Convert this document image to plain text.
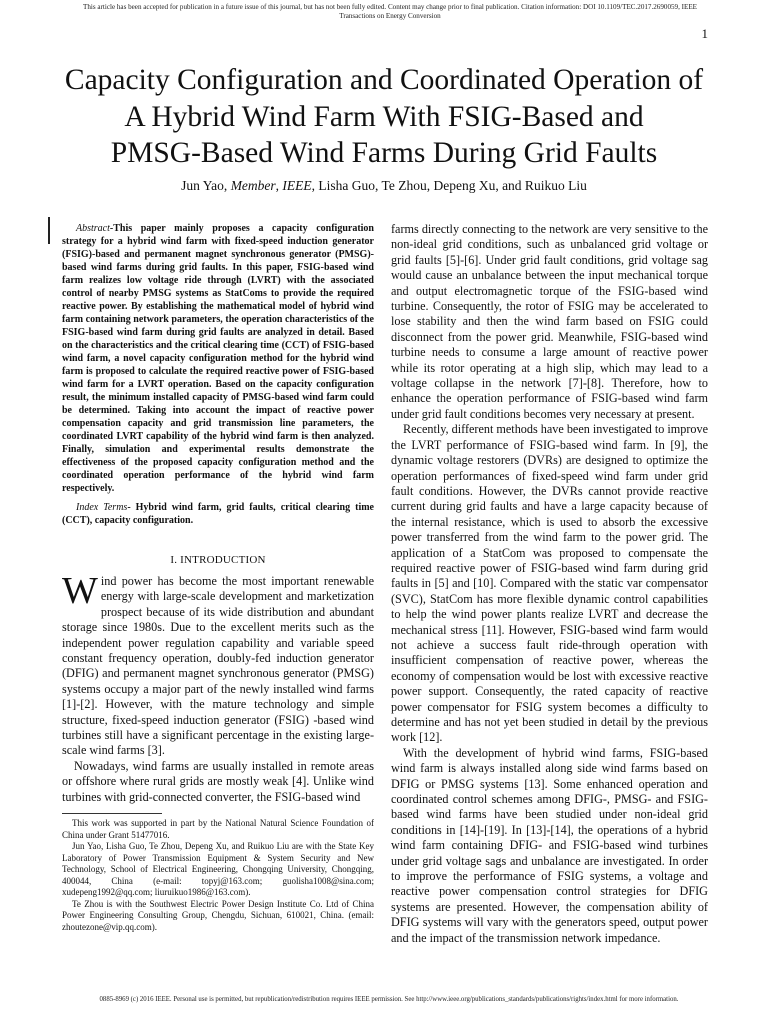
This article has been accepted for publication in a future issue of this journal, but has not been fully edited. Content may change prior to final publication. Citation information: DOI 10.1109/TEC.2017.2690059, IEEE
Transactions on Energy Conversion
1
Capacity Configuration and Coordinated Operation of
A Hybrid Wind Farm With FSIG-Based and
PMSG-Based Wind Farms During Grid Faults
Jun Yao, Member, IEEE, Lisha Guo, Te Zhou, Depeng Xu, and Ruikuo Liu

Abstract-This paper mainly proposes a capacity configuration strategy for a hybrid wind farm with fixed-speed induction generator (FSIG)-based and permanent magnet synchronous generator (PMSG)-based wind farms during grid faults. In this paper, FSIG-based wind farm realizes low voltage ride through (LVRT) with the associated control of nearby PMSG systems as StatComs to provide the required reactive power. By establishing the mathematical model of hybrid wind farm containing network parameters, the operation characteristics of the FSIG-based wind farm during grid faults are analyzed in detail. Based on the characteristics and the critical clearing time (CCT) of FSIG-based wind farm, a novel capacity configuration method for the hybrid wind farm is proposed to calculate the required reactive power of FSIG-based wind farm for a LVRT operation. Based on the capacity configuration result, the minimum installed capacity of PMSG-based wind farm could be determined. Taking into account the impact of reactive power compensation capacity and grid transmission line parameters, the coordinated LVRT capability of the hybrid wind farm is then analyzed. Finally, simulation and experimental results demonstrate the effectiveness of the proposed capacity configuration method and the coordinated operation performance of the hybrid wind farm respectively.

Index Terms- Hybrid wind farm, grid faults, critical clearing time (CCT), capacity configuration.

I. INTRODUCTION

Wind power has become the most important renewable energy with large-scale development and marketization prospect because of its wide distribution and abundant storage since 1980s. Due to the excellent merits such as the independent power regulation capability and variable speed constant frequency operation, doubly-fed induction generator (DFIG) and permanent magnet synchronous generator (PMSG) systems occupy a major part of the newly installed wind farms [1]-[2]. However, with the mature technology and simple structure, fixed-speed induction generator (FSIG) -based wind turbines still have a significant percentage in the existing large-scale wind farms [3].

Nowadays, wind farms are usually installed in remote areas or offshore where rural grids are mostly weak [4]. Unlike wind turbines with grid-connected converter, the FSIG-based wind

This work was supported in part by the National Natural Science Foundation of China under Grant 51477016.

Jun Yao, Lisha Guo, Te Zhou, Depeng Xu, and Ruikuo Liu are with the State Key Laboratory of Power Transmission Equipment & System Security and New Technology, School of Electrical Engineering, Chongqing University, Chongqing, 400044, China (e-mail: topyj@163.com; guolisha1008@sina.com; xudepeng1992@qq.com; liuruikuo1986@163.com).

Te Zhou is with the Southwest Electric Power Design Institute Co. Ltd of China Power Engineering Consulting Group, Chengdu, Sichuan, 610021, China. (email: zhoutezone@vip.qq.com).

farms directly connecting to the network are very sensitive to the non-ideal grid conditions, such as unbalanced grid voltage or grid faults [5]-[6]. Under grid fault conditions, grid voltage sag would cause an unbalance between the input mechanical torque and output electromagnetic torque of the FSIG-based wind turbine. Consequently, the rotor of FSIG may be accelerated to lose stability and then the wind farm based on FSIG could disconnect from the power grid. Meanwhile, FSIG-based wind turbine needs to consume a large amount of reactive power while its rotor operating at a high slip, which may lead to a voltage collapse in the network [7]-[8]. Therefore, how to enhance the operation performance of FSIG-based wind farm under grid fault conditions becomes very necessary at present.

Recently, different methods have been investigated to improve the LVRT performance of FSIG-based wind farm. In [9], the dynamic voltage restorers (DVRs) are designed to optimize the operation performances of fixed-speed wind farm under grid fault conditions. However, the DVRs cannot provide reactive current during grid faults and have a large capacity because of the internal resistance, which is used to absorb the excessive power transferred from the wind farm to the power grid. The application of a StatCom was proposed to compensate the required reactive power of FSIG-based wind farm during grid faults in [5] and [10]. Compared with the static var compensator (SVC), StatCom has more flexible dynamic control capabilities to help the wind power plants realize LVRT and decrease the mechanical stress [11]. However, FSIG-based wind farm would not achieve a success fault ride-through operation with insufficient compensation of reactive power, whereas the economy of compensation would be lost with excessive reactive power support. Consequently, the rated capacity of reactive power compensator for FSIG system becomes a difficulty to determine and has not yet been studied in detail by the previous work [12].

With the development of hybrid wind farms, FSIG-based wind farm is always installed along side wind farms based on DFIG or PMSG systems [13]. Some enhanced operation and coordinated control schemes among DFIG-, PMSG- and FSIG-based wind farms have been studied under non-ideal grid conditions in [14]-[19]. In [13]-[14], the operations of a hybrid wind farm containing DFIG- and FSIG-based wind turbines under grid voltage sags and unbalance are investigated. In order to improve the performance of FSIG systems, a voltage and reactive power compensation control strategies for DFIG systems are presented. However, the compensation ability of DFIG systems will vary with the generators speed, output power and the impact of the transmission network impedance.

0885-8969 (c) 2016 IEEE. Personal use is permitted, but republication/redistribution requires IEEE permission. See http://www.ieee.org/publications_standards/publications/rights/index.html for more information.
